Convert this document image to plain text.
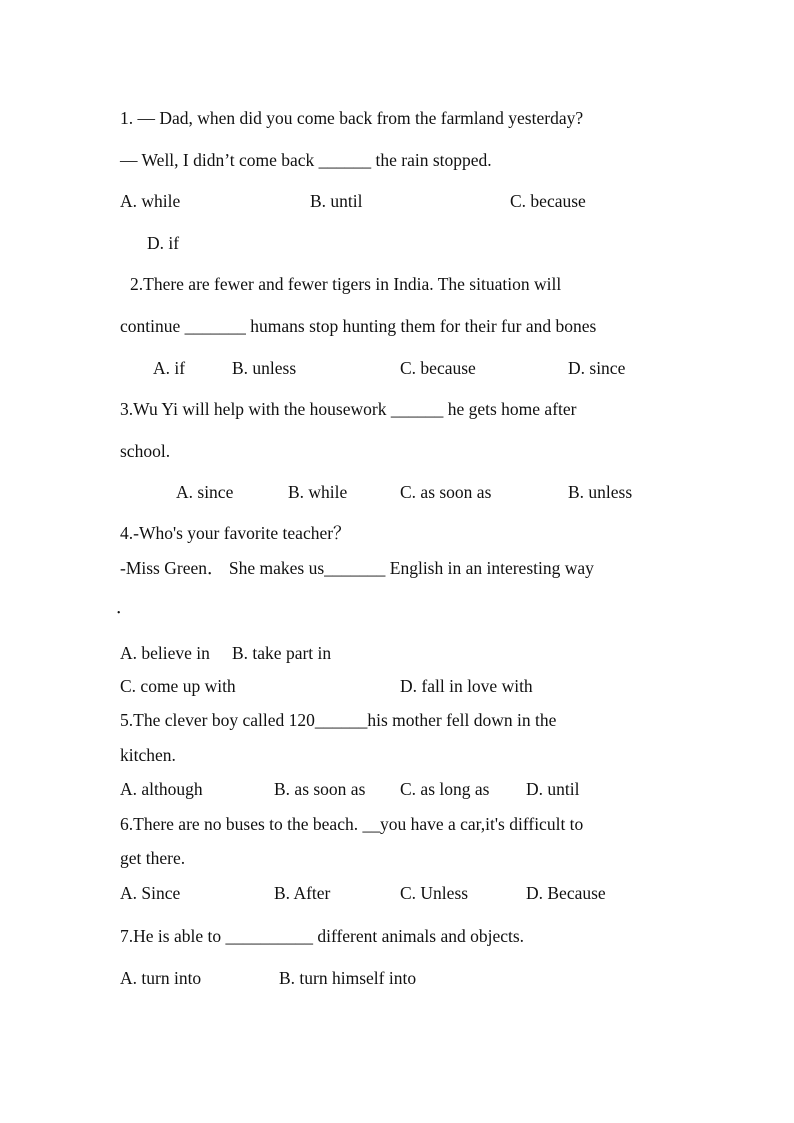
1. — Dad, when did you come back from the farmland yesterday?
— Well, I didn’t come back ______ the rain stopped.
A. while	B. until	C. because
D. if
2.There are fewer and fewer tigers in India. The situation will
continue _______ humans stop hunting them for their fur and bones
A. if	B. unless	C. because	D. since
3.Wu Yi will help with the housework ______ he gets home after
school.
A. since	B. while	C. as soon as	B. unless
4.-Who's your favorite teacher？
-Miss Green． She makes us_______ English in an interesting way
．
A. believe in B. take part in
C. come up with	D. fall in love with
5.The clever boy called 120______his mother fell down in the
kitchen.
A. although	B. as soon as C. as long as D. until
6.There are no buses to the beach. __you have a car,it's difficult to
get there.
A. Since	B. After	C. Unless	D. Because
7.He is able to __________ different animals and objects.
A. turn into	B. turn himself into
